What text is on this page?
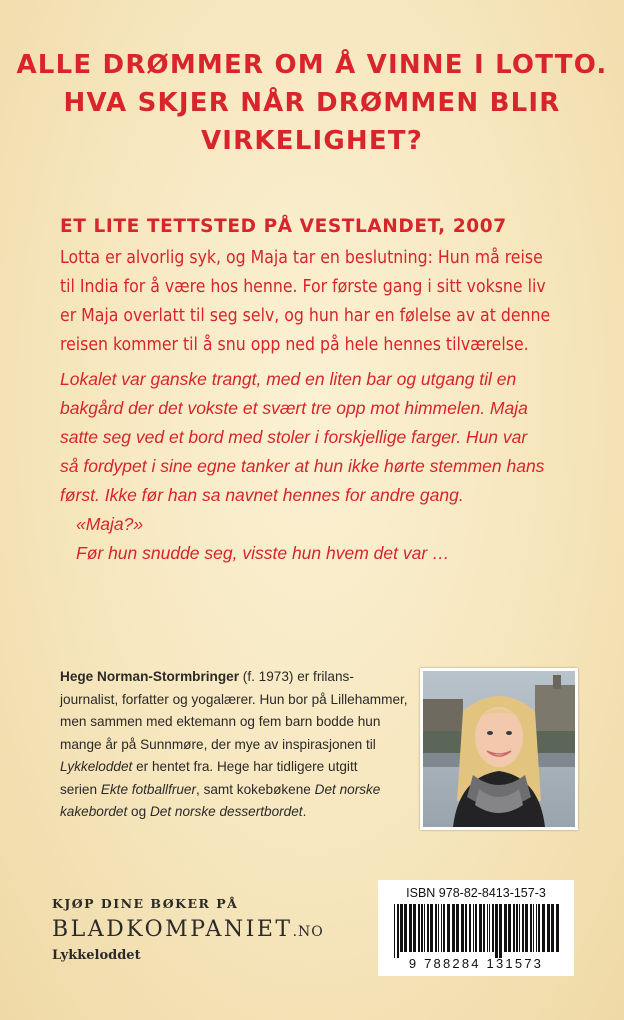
ALLE DRØMMER OM Å VINNE I LOTTO.
HVA SKJER NÅR DRØMMEN BLIR
VIRKELIGHET?
ET LITE TETTSTED PÅ VESTLANDET, 2007
Lotta er alvorlig syk, og Maja tar en beslutning: Hun må reise
til India for å være hos henne. For første gang i sitt voksne liv
er Maja overlatt til seg selv, og hun har en følelse av at denne
reisen kommer til å snu opp ned på hele hennes tilværelse.
Lokalet var ganske trangt, med en liten bar og utgang til en
bakgård der det vokste et svært tre opp mot himmelen. Maja
satte seg ved et bord med stoler i forskjellige farger. Hun var
så fordypet i sine egne tanker at hun ikke hørte stemmen hans
først. Ikke før han sa navnet hennes for andre gang.
«Maja?»
Før hun snudde seg, visste hun hvem det var …
Hege Norman-Stormbringer (f. 1973) er frilans-
journalist, forfatter og yogalærer. Hun bor på Lillehammer,
men sammen med ektemann og fem barn bodde hun
mange år på Sunnmøre, der mye av inspirasjonen til
Lykkeloddet er hentet fra. Hege har tidligere utgitt
serien Ekte fotballfruer, samt kokebøkene Det norske
kakebordet og Det norske dessertbordet.
KJØP DINE BØKER PÅ
BLADKOMPANIET.NO
Lykkeloddet
ISBN 978-82-8413-157-3
9 788284 131573
